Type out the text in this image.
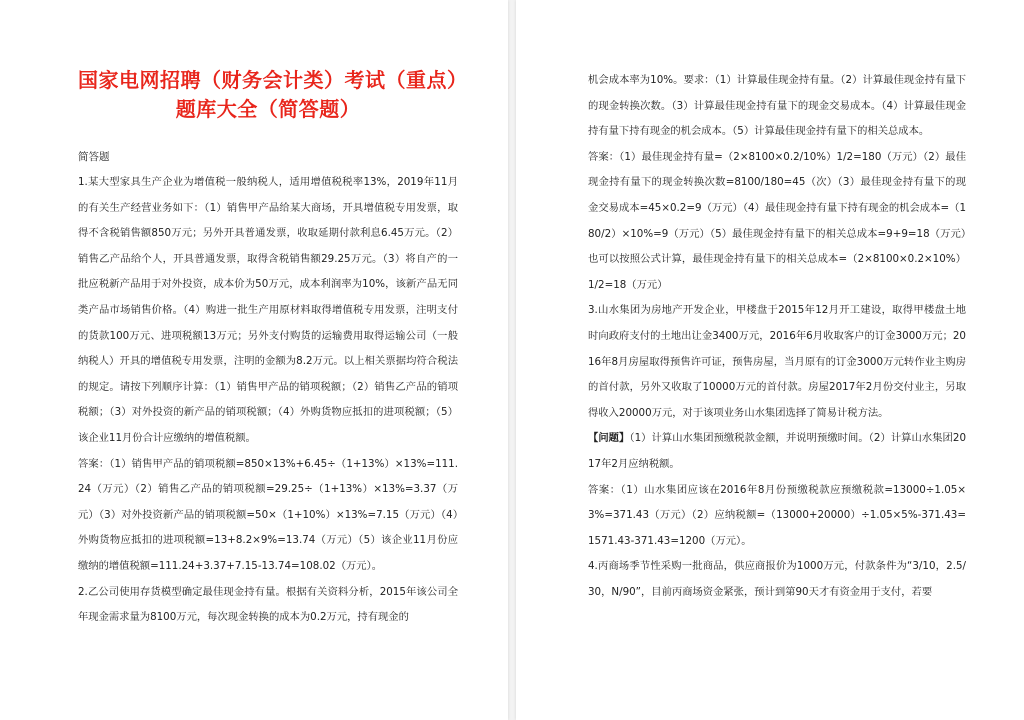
国家电网招聘（财务会计类）考试（重点）
题库大全（简答题）

简答题

1.某大型家具生产企业为增值税一般纳税人，适用增值税税率13%，2019年11月的有关生产经营业务如下：（1）销售甲产品给某大商场，开具增值税专用发票，取得不含税销售额850万元；另外开具普通发票，收取延期付款利息6.45万元。（2）销售乙产品给个人，开具普通发票，取得含税销售额29.25万元。（3）将自产的一批应税新产品用于对外投资，成本价为50万元，成本利润率为10%，该新产品无同类产品市场销售价格。（4）购进一批生产用原材料取得增值税专用发票，注明支付的货款100万元、进项税额13万元；另外支付购货的运输费用取得运输公司（一般纳税人）开具的增值税专用发票，注明的金额为8.2万元。以上相关票据均符合税法的规定。请按下列顺序计算：（1）销售甲产品的销项税额；（2）销售乙产品的销项税额；（3）对外投资的新产品的销项税额；（4）外购货物应抵扣的进项税额；（5）该企业11月份合计应缴纳的增值税额。

答案：（1）销售甲产品的销项税额=850×13%+6.45÷（1+13%）×13%=111.24（万元）（2）销售乙产品的销项税额=29.25÷（1+13%）×13%=3.37（万元）（3）对外投资新产品的销项税额=50×（1+10%）×13%=7.15（万元）（4）外购货物应抵扣的进项税额=13+8.2×9%=13.74（万元）（5）该企业11月份应缴纳的增值税额=111.24+3.37+7.15-13.74=108.02（万元）。

2.乙公司使用存货模型确定最佳现金持有量。根据有关资料分析，2015年该公司全年现金需求量为8100万元，每次现金转换的成本为0.2万元，持有现金的

机会成本率为10%。要求：（1）计算最佳现金持有量。（2）计算最佳现金持有量下的现金转换次数。（3）计算最佳现金持有量下的现金交易成本。（4）计算最佳现金持有量下持有现金的机会成本。（5）计算最佳现金持有量下的相关总成本。

答案：（1）最佳现金持有量=（2×8100×0.2/10%）1/2=180（万元）（2）最佳现金持有量下的现金转换次数=8100/180=45（次）（3）最佳现金持有量下的现金交易成本=45×0.2=9（万元）（4）最佳现金持有量下持有现金的机会成本=（180/2）×10%=9（万元）（5）最佳现金持有量下的相关总成本=9+9=18（万元）也可以按照公式计算，最佳现金持有量下的相关总成本=（2×8100×0.2×10%）1/2=18（万元）

3.山水集团为房地产开发企业，甲楼盘于2015年12月开工建设，取得甲楼盘土地时向政府支付的土地出让金3400万元，2016年6月收取客户的订金3000万元；2016年8月房屋取得预售许可证，预售房屋，当月原有的订金3000万元转作业主购房的首付款，另外又收取了10000万元的首付款。房屋2017年2月份交付业主，另取得收入20000万元，对于该项业务山水集团选择了简易计税方法。

【问题】（1）计算山水集团预缴税款金额，并说明预缴时间。（2）计算山水集团2017年2月应纳税额。

答案：（1）山水集团应该在2016年8月份预缴税款应预缴税款=13000÷1.05×3%=371.43（万元）（2）应纳税额=（13000+20000）÷1.05×5%-371.43=1571.43-371.43=1200（万元）。

4.丙商场季节性采购一批商品，供应商报价为1000万元，付款条件为“3/10，2.5/30，N/90”，目前丙商场资金紧张，预计到第90天才有资金用于支付，若要
